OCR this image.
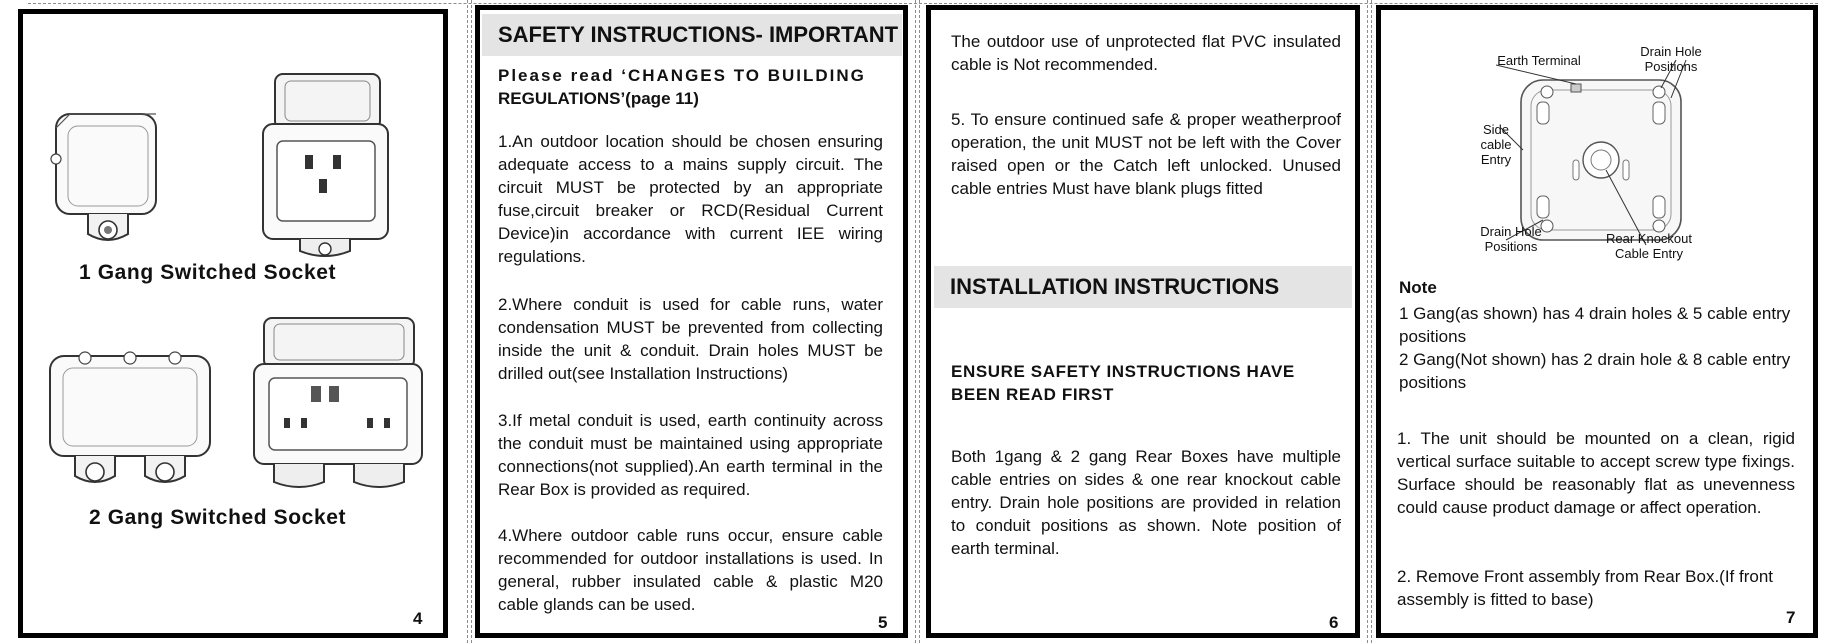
1 Gang Switched Socket
2 Gang Switched Socket
4
SAFETY INSTRUCTIONS- IMPORTANT
Please read ‘CHANGES TO BUILDING
REGULATIONS’(page 11)

1.An outdoor location should be chosen ensuring adequate access to a mains supply circuit. The circuit MUST be protected by an appropriate fuse,circuit breaker or RCD(Residual Current Device)in accordance with current IEE wiring regulations.

2.Where conduit is used for cable runs, water condensation MUST be prevented from collecting inside the unit & conduit. Drain holes MUST be drilled out(see Installation Instructions)

3.If metal conduit is used, earth continuity across the conduit must be maintained using appropriate connections(not supplied).An earth terminal in the Rear Box is provided as required.

4.Where outdoor cable runs occur, ensure cable recommended for outdoor installations is used. In general, rubber insulated cable & plastic M20 cable glands can be used.

5

The outdoor use of unprotected flat PVC insulated cable is Not recommended.

5. To ensure continued safe & proper weatherproof operation, the unit MUST not be left with the Cover raised open or the Catch left unlocked. Unused cable entries Must have blank plugs fitted

INSTALLATION INSTRUCTIONS

ENSURE SAFETY INSTRUCTIONS HAVE BEEN READ FIRST

Both 1gang & 2 gang Rear Boxes have multiple cable entries on sides & one rear knockout cable entry. Drain hole positions are provided in relation to conduit positions as shown. Note position of earth terminal.

6
Earth Terminal
Drain Hole Positions
Side cable Entry
Drain Hole Positions
Rear Knockout Cable Entry
Note

1 Gang(as shown) has 4 drain holes & 5 cable entry positions

2 Gang(Not shown) has 2 drain hole & 8 cable entry positions

1. The unit should be mounted on a clean, rigid vertical surface suitable to accept screw type fixings. Surface should be reasonably flat as unevenness could cause product damage or affect operation.

2. Remove Front assembly from Rear Box.(If front assembly is fitted to base)

7
